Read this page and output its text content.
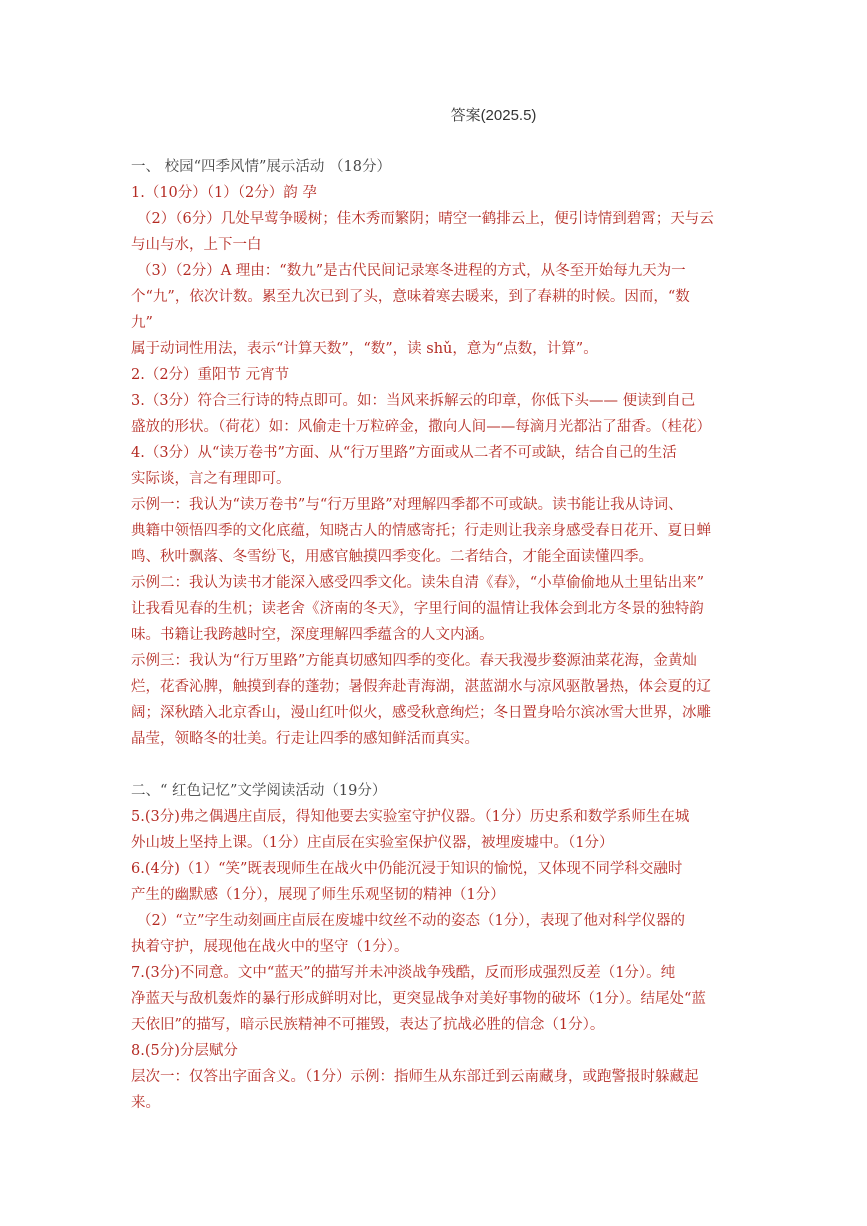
答案(2025.5)

一、 校园“四季风情”展示活动 （18分）

1.（10分）（1）（2分）韵 孕

（2）（6分）几处早莺争暖树；佳木秀而繁阴；晴空一鹤排云上，便引诗情到碧霄；天与云

与山与水，上下一白

（3）（2分）A 理由：“数九”是古代民间记录寒冬进程的方式，从冬至开始每九天为一

个“九”，依次计数。累至九次已到了头，意味着寒去暖来，到了春耕的时候。因而，“数

九”

属于动词性用法，表示“计算天数”，“数”，读 shǔ，意为“点数，计算”。

2.（2分）重阳节 元宵节

3.（3分）符合三行诗的特点即可。如：当风来拆解云的印章，你低下头—— 便读到自己

盛放的形状。（荷花）如：风偷走十万粒碎金，撒向人间——每滴月光都沾了甜香。（桂花）

4.（3分）从“读万卷书”方面、从“行万里路”方面或从二者不可或缺，结合自己的生活

实际谈，言之有理即可。

示例一：我认为“读万卷书”与“行万里路”对理解四季都不可或缺。读书能让我从诗词、

典籍中领悟四季的文化底蕴，知晓古人的情感寄托；行走则让我亲身感受春日花开、夏日蝉

鸣、秋叶飘落、冬雪纷飞，用感官触摸四季变化。二者结合，才能全面读懂四季。

示例二：我认为读书才能深入感受四季文化。读朱自清《春》，“小草偷偷地从土里钻出来”

让我看见春的生机；读老舍《济南的冬天》，字里行间的温情让我体会到北方冬景的独特韵

味。书籍让我跨越时空，深度理解四季蕴含的人文内涵。

示例三：我认为“行万里路”方能真切感知四季的变化。春天我漫步婺源油菜花海，金黄灿

烂，花香沁脾，触摸到春的蓬勃；暑假奔赴青海湖，湛蓝湖水与凉风驱散暑热，体会夏的辽

阔；深秋踏入北京香山，漫山红叶似火，感受秋意绚烂；冬日置身哈尔滨冰雪大世界，冰雕

晶莹，领略冬的壮美。行走让四季的感知鲜活而真实。

二、“ 红色记忆”文学阅读活动（19分）

5.(3分)弗之偶遇庄卣辰，得知他要去实验室守护仪器。（1分）历史系和数学系师生在城

外山坡上坚持上课。（1分）庄卣辰在实验室保护仪器，被埋废墟中。（1分）

6.(4分)（1）“笑”既表现师生在战火中仍能沉浸于知识的愉悦，又体现不同学科交融时

产生的幽默感（1分），展现了师生乐观坚韧的精神（1分）

（2）“立”字生动刻画庄卣辰在废墟中纹丝不动的姿态（1分），表现了他对科学仪器的

执着守护，展现他在战火中的坚守（1分）。

7.(3分)不同意。文中“蓝天”的描写并未冲淡战争残酷，反而形成强烈反差（1分）。纯

净蓝天与敌机轰炸的暴行形成鲜明对比，更突显战争对美好事物的破坏（1分）。结尾处“蓝

天依旧”的描写，暗示民族精神不可摧毁，表达了抗战必胜的信念（1分）。

8.(5分)分层赋分

层次一：仅答出字面含义。（1分）示例：指师生从东部迁到云南藏身，或跑警报时躲藏起

来。
